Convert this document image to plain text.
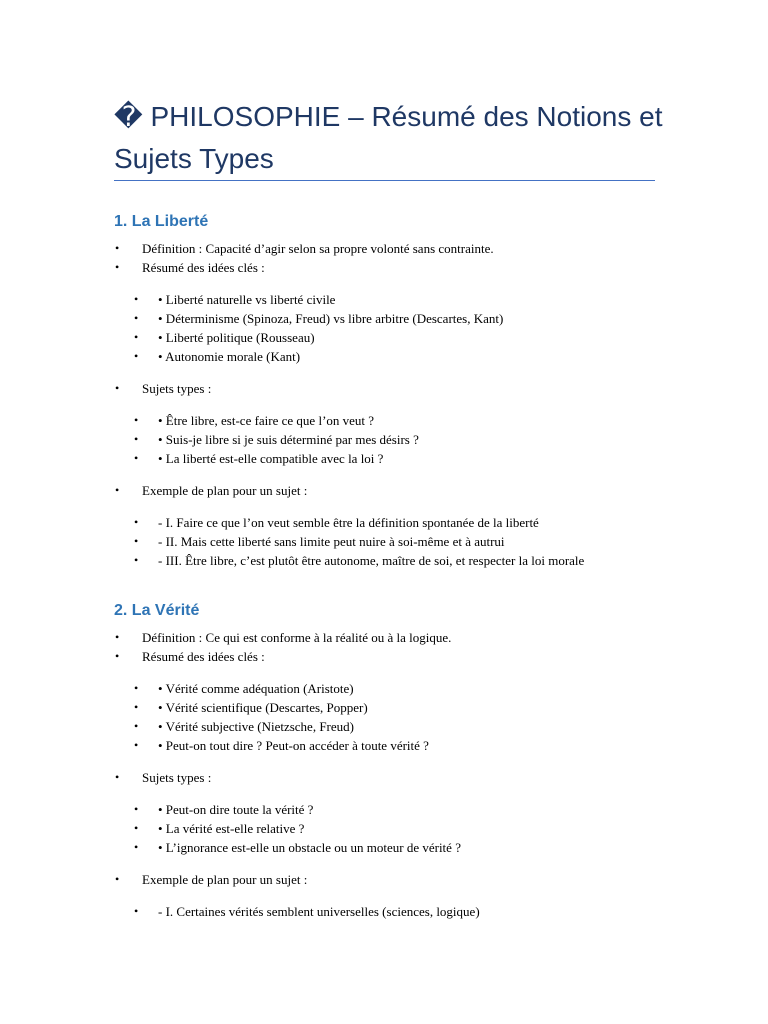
� PHILOSOPHIE – Résumé des Notions et Sujets Types
1. La Liberté
• Définition : Capacité d’agir selon sa propre volonté sans contrainte.
• Résumé des idées clés :
• • Liberté naturelle vs liberté civile
• • Déterminisme (Spinoza, Freud) vs libre arbitre (Descartes, Kant)
• • Liberté politique (Rousseau)
• • Autonomie morale (Kant)
• Sujets types :
• • Être libre, est-ce faire ce que l’on veut ?
• • Suis-je libre si je suis déterminé par mes désirs ?
• • La liberté est-elle compatible avec la loi ?
• Exemple de plan pour un sujet :
• - I. Faire ce que l’on veut semble être la définition spontanée de la liberté
• - II. Mais cette liberté sans limite peut nuire à soi-même et à autrui
• - III. Être libre, c’est plutôt être autonome, maître de soi, et respecter la loi morale
2. La Vérité
• Définition : Ce qui est conforme à la réalité ou à la logique.
• Résumé des idées clés :
• • Vérité comme adéquation (Aristote)
• • Vérité scientifique (Descartes, Popper)
• • Vérité subjective (Nietzsche, Freud)
• • Peut-on tout dire ? Peut-on accéder à toute vérité ?
• Sujets types :
• • Peut-on dire toute la vérité ?
• • La vérité est-elle relative ?
• • L’ignorance est-elle un obstacle ou un moteur de vérité ?
• Exemple de plan pour un sujet :
• - I. Certaines vérités semblent universelles (sciences, logique)
